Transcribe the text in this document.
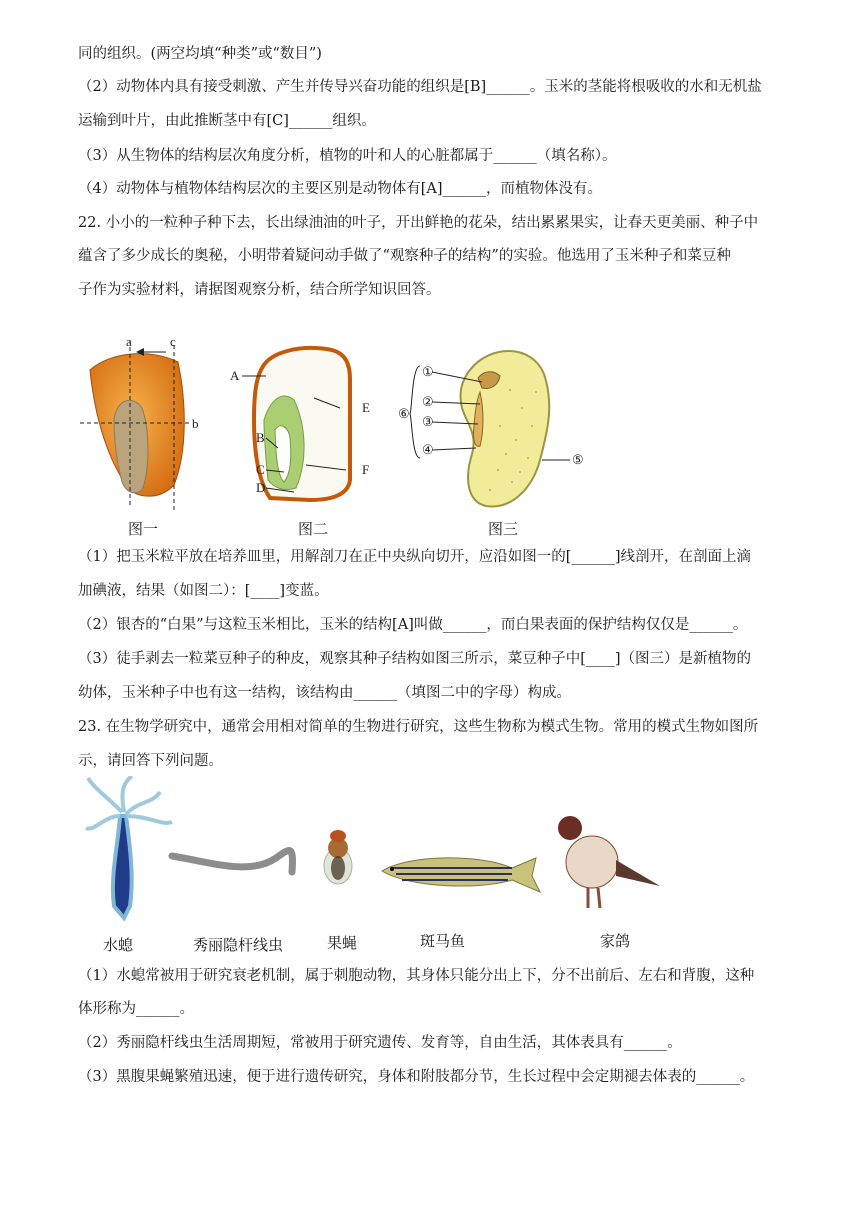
同的组织。(两空均填“种类”或“数目”)
（2）动物体内具有接受刺激、产生并传导兴奋功能的组织是[B]______。玉米的茎能将根吸收的水和无机盐
运输到叶片，由此推断茎中有[C]______组织。
（3）从生物体的结构层次角度分析，植物的叶和人的心脏都属于______（填名称）。
（4）动物体与植物体结构层次的主要区别是动物体有[A]______，而植物体没有。
22. 小小的一粒种子种下去，长出绿油油的叶子，开出鲜艳的花朵，结出累累果实，让春天更美丽、种子中
蕴含了多少成长的奥秘，小明带着疑问动手做了“观察种子的结构”的实验。他选用了玉米种子和菜豆种
子作为实验材料，请据图观察分析，结合所学知识回答。
a	c
b
A
E
B
C	F
D
①
②
③
④
⑤
⑥
图一	图二	图三
（1）把玉米粒平放在培养皿里，用解剖刀在正中央纵向切开，应沿如图一的[______]线剖开，在剖面上滴
加碘液，结果（如图二）：[____]变蓝。
（2）银杏的“白果”与这粒玉米相比，玉米的结构[A]叫做______，而白果表面的保护结构仅仅是______。
（3）徒手剥去一粒菜豆种子的种皮，观察其种子结构如图三所示，菜豆种子中[____]（图三）是新植物的
幼体，玉米种子中也有这一结构，该结构由______（填图二中的字母）构成。
23. 在生物学研究中，通常会用相对简单的生物进行研究，这些生物称为模式生物。常用的模式生物如图所
示，请回答下列问题。
水螅	秀丽隐杆线虫	果蝇	斑马鱼	家鸽
（1）水螅常被用于研究衰老机制，属于刺胞动物，其身体只能分出上下，分不出前后、左右和背腹，这种
体形称为______。
（2）秀丽隐杆线虫生活周期短，常被用于研究遗传、发育等，自由生活，其体表具有______。
（3）黑腹果蝇繁殖迅速，便于进行遗传研究，身体和附肢都分节，生长过程中会定期褪去体表的______。
